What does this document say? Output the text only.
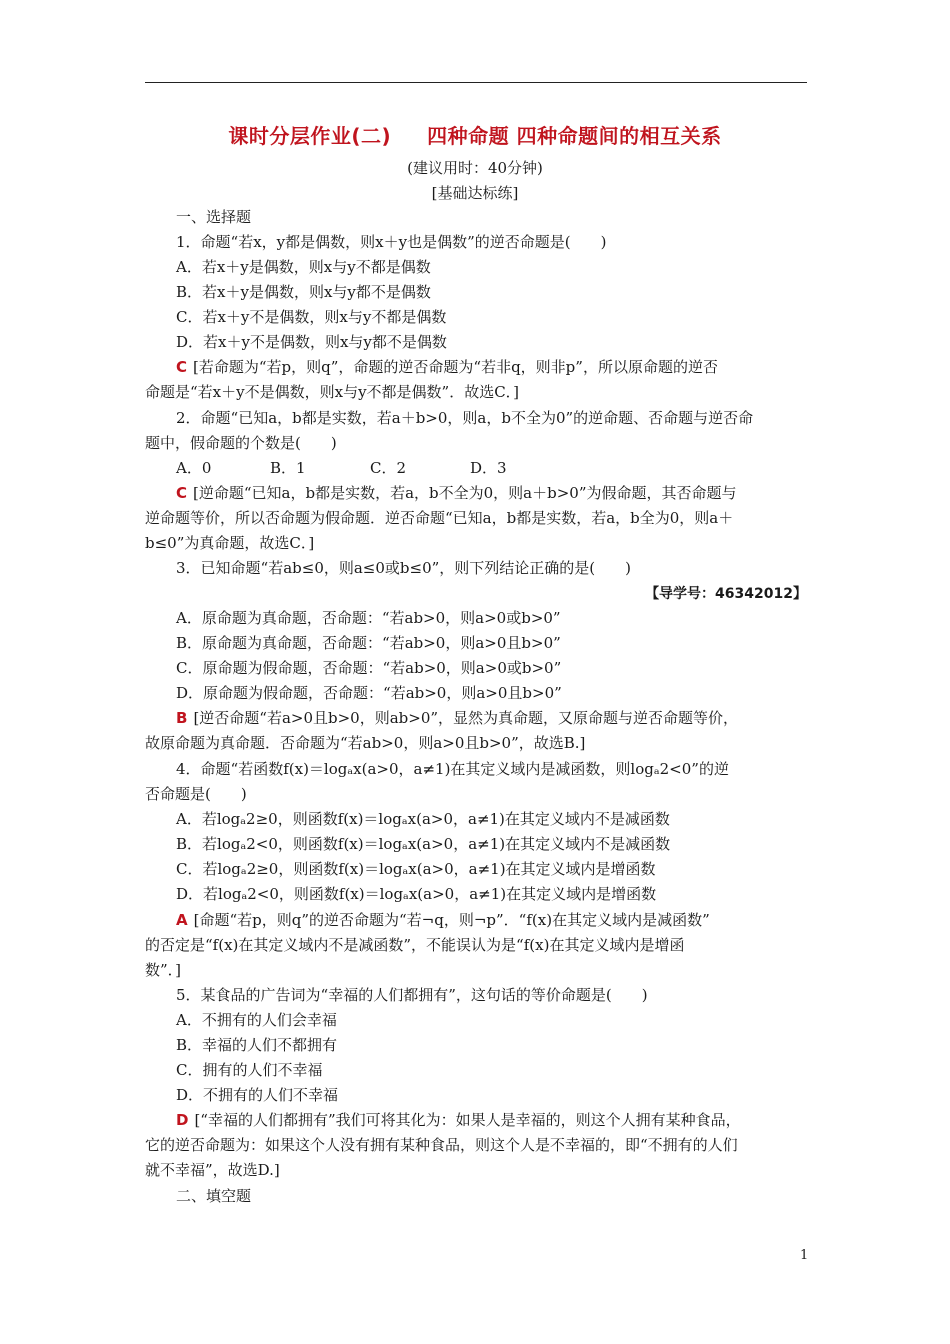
课时分层作业(二) 四种命题 四种命题间的相互关系
(建议用时：40分钟)
[基础达标练]
一、选择题
1．命题“若x，y都是偶数，则x＋y也是偶数”的逆否命题是(　　)
A．若x＋y是偶数，则x与y不都是偶数
B．若x＋y是偶数，则x与y都不是偶数
C．若x＋y不是偶数，则x与y不都是偶数
D．若x＋y不是偶数，则x与y都不是偶数
C [若命题为“若p，则q”，命题的逆否命题为“若非q，则非p”，所以原命题的逆否
命题是“若x＋y不是偶数，则x与y不都是偶数”．故选C．]
2．命题“已知a，b都是实数，若a＋b>0，则a，b不全为0”的逆命题、否命题与逆否命
题中，假命题的个数是(　　)
A．0	B．1	C．2	D．3
C [逆命题“已知a，b都是实数，若a，b不全为0，则a＋b>0”为假命题，其否命题与
逆命题等价，所以否命题为假命题．逆否命题“已知a，b都是实数，若a，b全为0，则a＋
b≤0”为真命题，故选C．]
3．已知命题“若ab≤0，则a≤0或b≤0”，则下列结论正确的是(　　)
【导学号：46342012】
A．原命题为真命题，否命题：“若ab>0，则a>0或b>0”
B．原命题为真命题，否命题：“若ab>0，则a>0且b>0”
C．原命题为假命题，否命题：“若ab>0，则a>0或b>0”
D．原命题为假命题，否命题：“若ab>0，则a>0且b>0”
B [逆否命题“若a>0且b>0，则ab>0”，显然为真命题，又原命题与逆否命题等价，
故原命题为真命题．否命题为“若ab>0，则a>0且b>0”，故选B.]
4．命题“若函数f(x)＝logₐx(a>0，a≠1)在其定义域内是减函数，则logₐ2<0”的逆
否命题是(　　)
A．若logₐ2≥0，则函数f(x)＝logₐx(a>0，a≠1)在其定义域内不是减函数
B．若logₐ2<0，则函数f(x)＝logₐx(a>0，a≠1)在其定义域内不是减函数
C．若logₐ2≥0，则函数f(x)＝logₐx(a>0，a≠1)在其定义域内是增函数
D．若logₐ2<0，则函数f(x)＝logₐx(a>0，a≠1)在其定义域内是增函数
A [命题“若p，则q”的逆否命题为“若¬q，则¬p”．“f(x)在其定义域内是减函数”
的否定是“f(x)在其定义域内不是减函数”，不能误认为是“f(x)在其定义域内是增函
数”．]
5．某食品的广告词为“幸福的人们都拥有”，这句话的等价命题是(　　)
A．不拥有的人们会幸福
B．幸福的人们不都拥有
C．拥有的人们不幸福
D．不拥有的人们不幸福
D [“幸福的人们都拥有”我们可将其化为：如果人是幸福的，则这个人拥有某种食品，
它的逆否命题为：如果这个人没有拥有某种食品，则这个人是不幸福的，即“不拥有的人们
就不幸福”，故选D.]
二、填空题
1
